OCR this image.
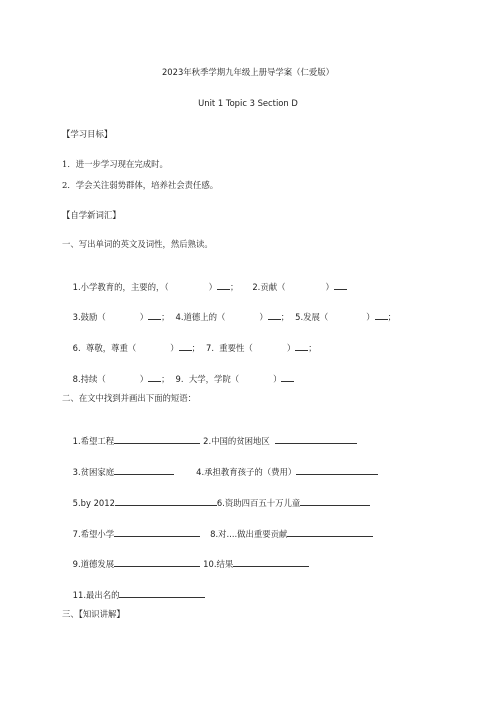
2023年秋季学期九年级上册导学案（仁爱版）
Unit 1 Topic 3 Section D
【学习目标】
1．进一步学习现在完成时。
2．学会关注弱势群体，培养社会责任感。
【自学新词汇】
一、写出单词的英文及词性，然后熟读。

1.小学教育的，主要的，（	） ； 2.贡献（	）

3.鼓励（	） ； 4.道德上的（	） ； 5.发展（	） ；

6.  尊敬，尊重（	） ； 7.  重要性（	） ；

8.持续（	） ； 9.  大学，学院（	）

二、在文中找到并画出下面的短语：

1.希望工程	2.中国的贫困地区

3.贫困家庭	4.承担教育孩子的（费用）

5.by 2012	6.资助四百五十万儿童

7.希望小学	8.对....做出重要贡献

9.道德发展	10.结果

11.最出名的

三、【知识讲解】
